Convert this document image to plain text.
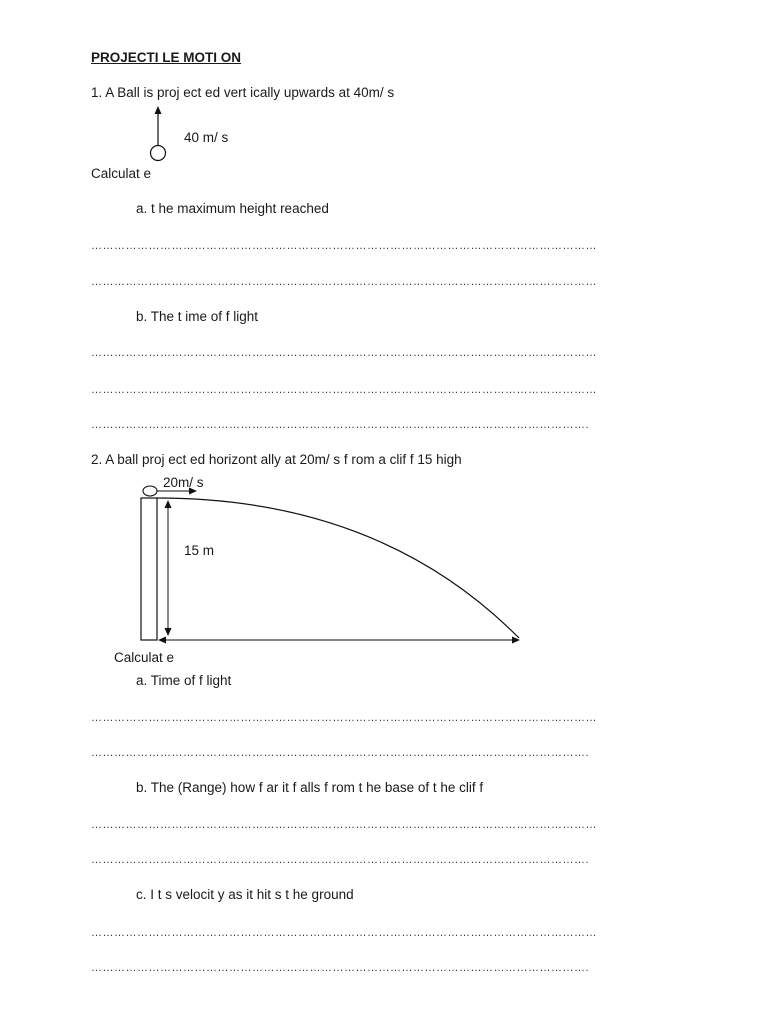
PROJECTI LE MOTI ON
1. A Ball is proj ect ed vert ically upwards at 40m/ s
40 m/ s
Calculat e
a. t he maximum height reached
……………………………………………………………………………………………………………………
……………………………………………………………………………………………………………………
b. The t ime of f light
……………………………………………………………………………………………………………………
……………………………………………………………………………………………………………………
………………………………………………………………………………………………………………….
2. A ball proj ect ed horizont ally at 20m/ s f rom a clif f 15 high
20m/ s
15 m
Calculat e
a. Time of f light
……………………………………………………………………………………………………………………
………………………………………………………………………………………………………………….
b. The (Range) how f ar it f alls f rom t he base of t he clif f
……………………………………………………………………………………………………………………
………………………………………………………………………………………………………………….
c. I t s velocit y as it hit s t he ground
……………………………………………………………………………………………………………………
………………………………………………………………………………………………………………….
